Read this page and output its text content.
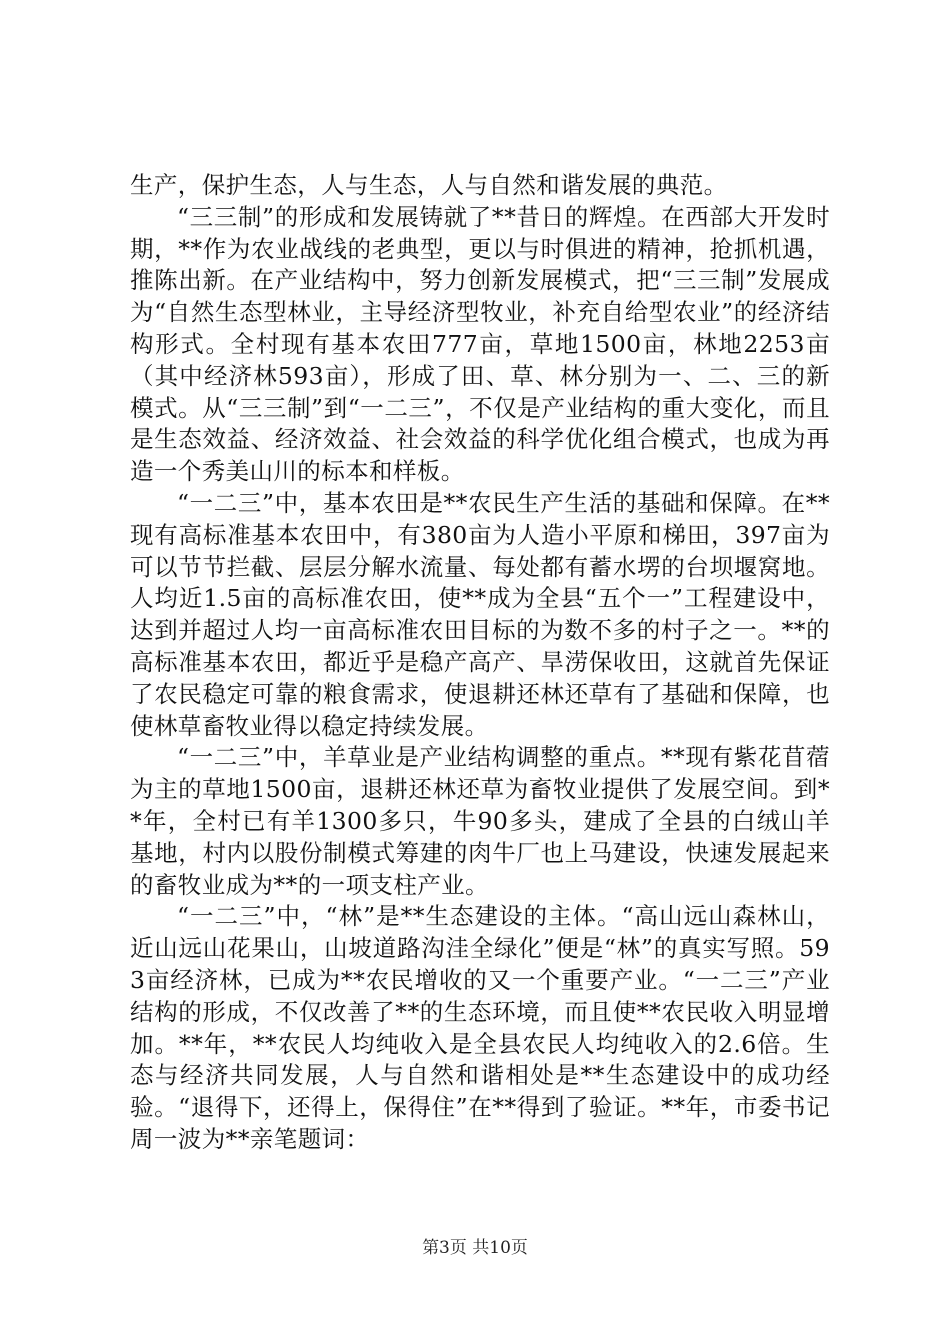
生产，保护生态，人与生态，人与自然和谐发展的典范。

“三三制”的形成和发展铸就了**昔日的辉煌。在西部大开发时期，**作为农业战线的老典型，更以与时俱进的精神，抢抓机遇，推陈出新。在产业结构中，努力创新发展模式，把“三三制”发展成为“自然生态型林业，主导经济型牧业，补充自给型农业”的经济结构形式。全村现有基本农田777亩，草地1500亩，林地2253亩（其中经济林593亩），形成了田、草、林分别为一、二、三的新模式。从“三三制”到“一二三”，不仅是产业结构的重大变化，而且是生态效益、经济效益、社会效益的科学优化组合模式，也成为再造一个秀美山川的标本和样板。

“一二三”中，基本农田是**农民生产生活的基础和保障。在**现有高标准基本农田中，有380亩为人造小平原和梯田，397亩为可以节节拦截、层层分解水流量、每处都有蓄水塄的台坝堰窝地。人均近1.5亩的高标准农田，使**成为全县“五个一”工程建设中，达到并超过人均一亩高标准农田目标的为数不多的村子之一。**的高标准基本农田，都近乎是稳产高产、旱涝保收田，这就首先保证了农民稳定可靠的粮食需求，使退耕还林还草有了基础和保障，也使林草畜牧业得以稳定持续发展。

“一二三”中，羊草业是产业结构调整的重点。**现有紫花苜蓿为主的草地1500亩，退耕还林还草为畜牧业提供了发展空间。到**年，全村已有羊1300多只，牛90多头，建成了全县的白绒山羊基地，村内以股份制模式筹建的肉牛厂也上马建设，快速发展起来的畜牧业成为**的一项支柱产业。

“一二三”中，“林”是**生态建设的主体。“高山远山森林山，近山远山花果山，山坡道路沟洼全绿化”便是“林”的真实写照。593亩经济林，已成为**农民增收的又一个重要产业。“一二三”产业结构的形成，不仅改善了**的生态环境，而且使**农民收入明显增加。**年，**农民人均纯收入是全县农民人均纯收入的2.6倍。生态与经济共同发展，人与自然和谐相处是**生态建设中的成功经验。“退得下，还得上，保得住”在**得到了验证。**年，市委书记周一波为**亲笔题词：

第3页 共10页
